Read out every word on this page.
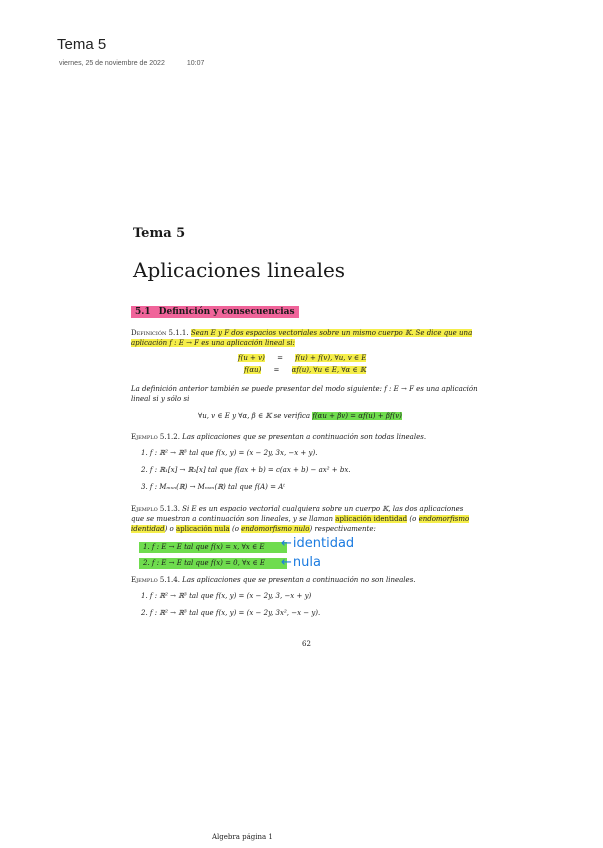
Tema 5
viernes, 25 de noviembre de 2022	10:07
Tema 5
Aplicaciones lineales
5.1 Definición y consecuencias
Definición 5.1.1. Sean E y F dos espacios vectoriales sobre un mismo cuerpo 𝕂. Se dice que una
aplicación f : E → F es una aplicación lineal si:
f(u + v) = f(u) + f(v), ∀u, v ∈ E
f(αu) = αf(u), ∀u ∈ E, ∀α ∈ 𝕂
La definición anterior también se puede presentar del modo siguiente: f : E → F es una aplicación
lineal si y sólo si
∀u, v ∈ E y ∀α, β ∈ 𝕂 se verifica f(αu + βv) = αf(u) + βf(v)
Ejemplo 5.1.2. Las aplicaciones que se presentan a continuación son todas lineales.
1. f : ℝ² → ℝ³ tal que f(x, y) = (x − 2y, 3x, −x + y).
2. f : ℝ₁[x] → ℝ₂[x] tal que f(ax + b) = c(ax + b) − ax² + bx.
3. f : Mₘₓₙ(ℝ) → Mₙₓₘ(ℝ) tal que f(A) = Aᵗ
Ejemplo 5.1.3. Si E es un espacio vectorial cualquiera sobre un cuerpo 𝕂, las dos aplicaciones
que se muestran a continuación son lineales, y se llaman aplicación identidad (o endomorfismo
identidad) o aplicación nula (o endomorfismo nulo) respectivamente:
1. f : E → E tal que f(x) = x, ∀x ∈ E	←identidad
2. f : E → E tal que f(x) = 0, ∀x ∈ E	←nula
Ejemplo 5.1.4. Las aplicaciones que se presentan a continuación no son lineales.
1. f : ℝ² → ℝ³ tal que f(x, y) = (x − 2y, 3, −x + y)
2. f : ℝ² → ℝ³ tal que f(x, y) = (x − 2y, 3x², −x − y).
62
Algebra página 1
